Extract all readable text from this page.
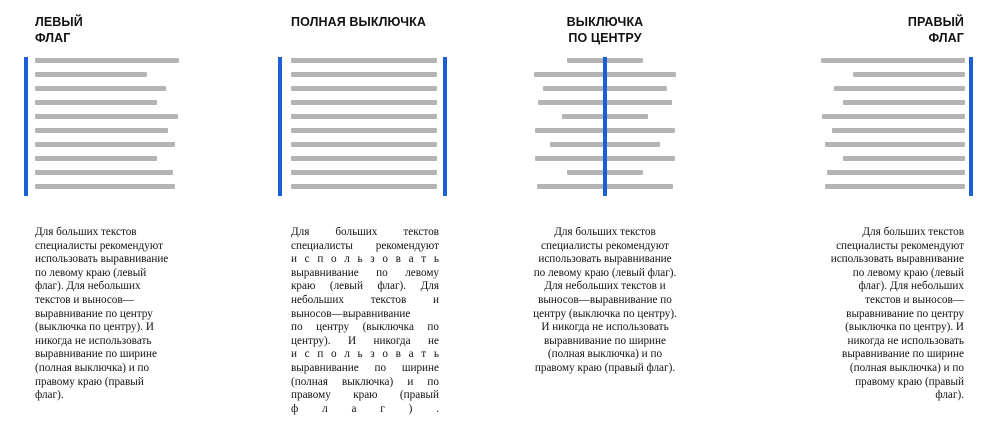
ЛЕВЫЙ
ФЛАГ
Для больших текстов
специалисты рекомендуют
использовать выравнивание
по левому краю (левый
флаг). Для небольших
текстов и выносов—
выравнивание по центру
(выключка по центру). И
никогда не использовать
выравнивание по ширине
(полная выключка) и по
правому краю (правый
флаг).
ПОЛНАЯ ВЫКЛЮЧКА
Для больших текстов
специалисты рекомендуют
и с п о л ь з о в а т ь
выравнивание по левому
краю (левый флаг). Для
небольших текстов и
выносов—выравнивание
по центру (выключка по
центру). И никогда не
и с п о л ь з о в а т ь
выравнивание по ширине
(полная выключка) и по
правому краю (правый
ф л а г ) .
ВЫКЛЮЧКА
ПО ЦЕНТРУ
Для больших текстов
специалисты рекомендуют
использовать выравнивание
по левому краю (левый флаг).
Для небольших текстов и
выносов—выравнивание по
центру (выключка по центру).
И никогда не использовать
выравнивание по ширине
(полная выключка) и по
правому краю (правый флаг).
ПРАВЫЙ
ФЛАГ
Для больших текстов
специалисты рекомендуют
использовать выравнивание
по левому краю (левый
флаг). Для небольших
текстов и выносов—
выравнивание по центру
(выключка по центру). И
никогда не использовать
выравнивание по ширине
(полная выключка) и по
правому краю (правый
флаг).
